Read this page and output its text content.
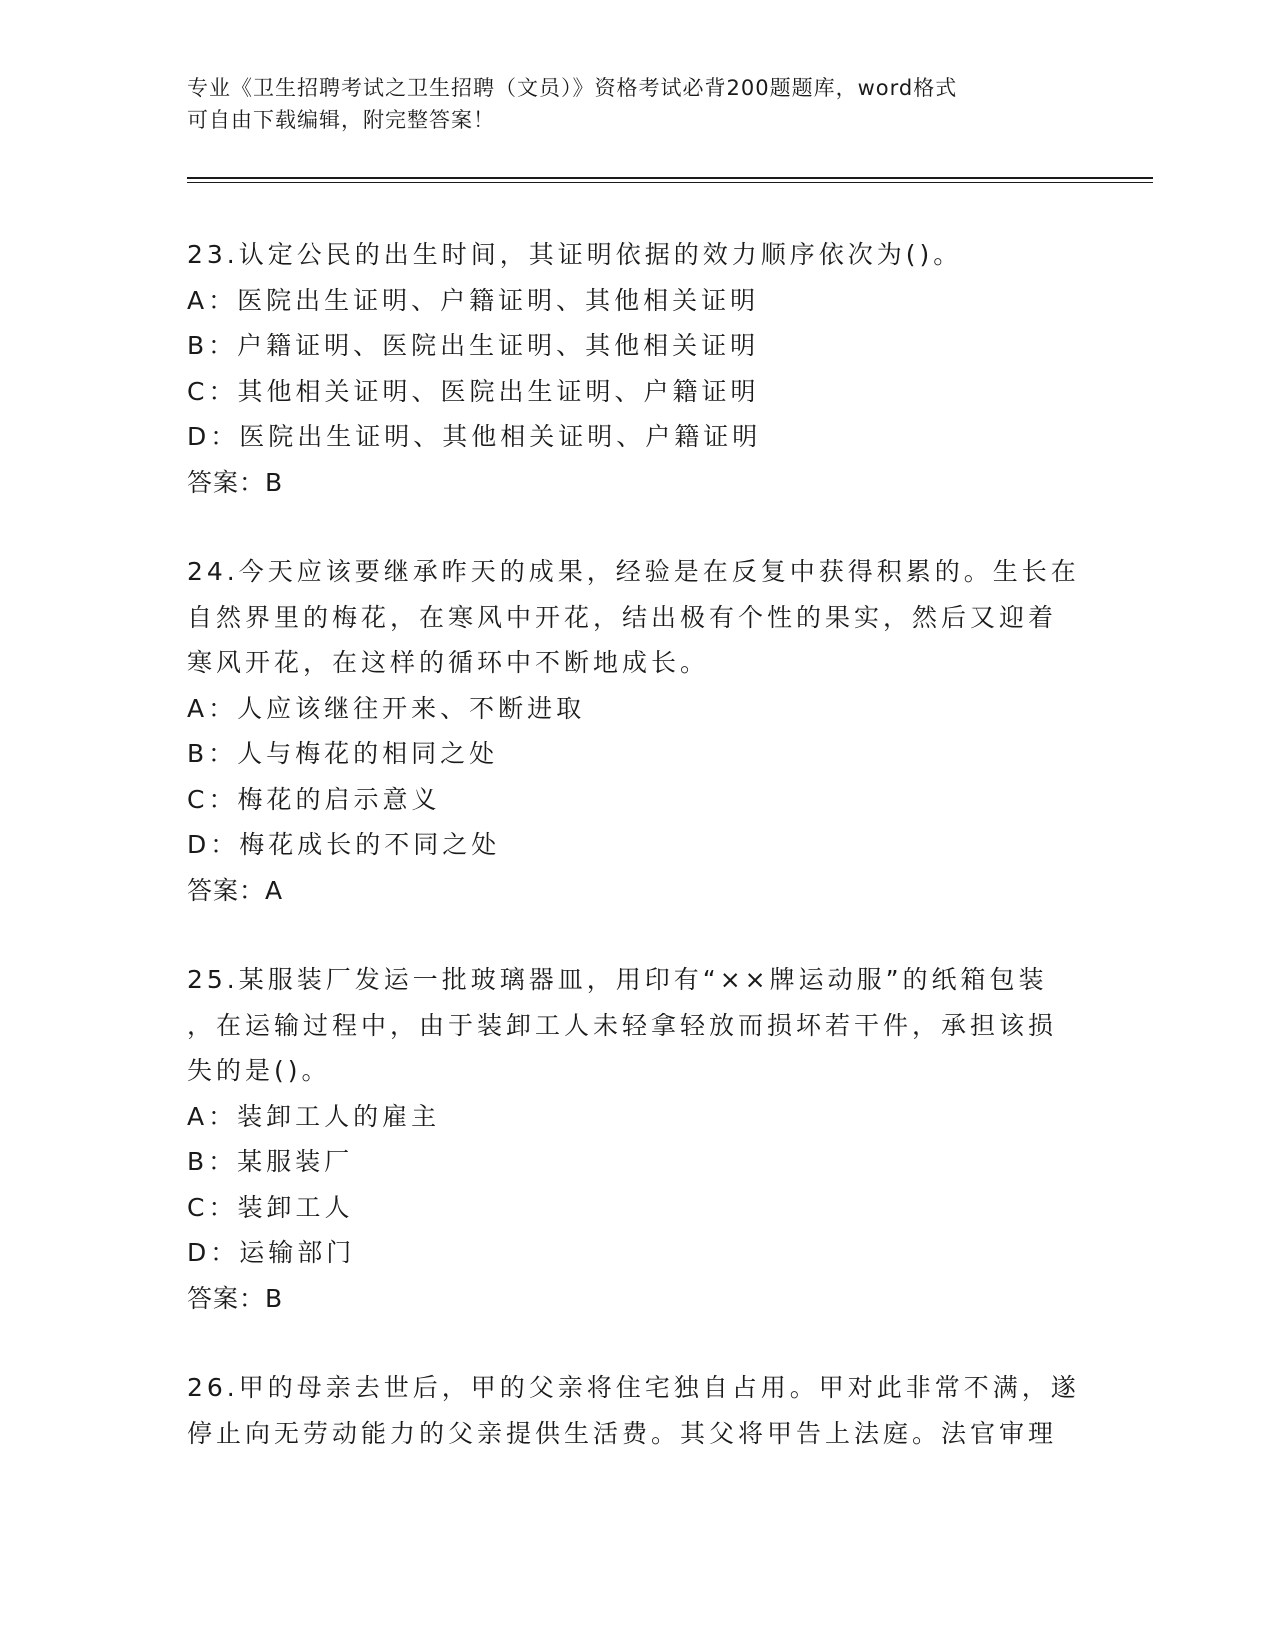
专业《卫生招聘考试之卫生招聘（文员）》资格考试必背200题题库，word格式
可自由下载编辑，附完整答案！
23.认定公民的出生时间，其证明依据的效力顺序依次为()。
A：医院出生证明、户籍证明、其他相关证明
B：户籍证明、医院出生证明、其他相关证明
C：其他相关证明、医院出生证明、户籍证明
D：医院出生证明、其他相关证明、户籍证明
答案：B
24.今天应该要继承昨天的成果，经验是在反复中获得积累的。生长在
自然界里的梅花，在寒风中开花，结出极有个性的果实，然后又迎着
寒风开花，在这样的循环中不断地成长。
A：人应该继往开来、不断进取
B：人与梅花的相同之处
C：梅花的启示意义
D：梅花成长的不同之处
答案：A
25.某服装厂发运一批玻璃器皿，用印有“××牌运动服”的纸箱包装
，在运输过程中，由于装卸工人未轻拿轻放而损坏若干件，承担该损
失的是()。
A：装卸工人的雇主
B：某服装厂
C：装卸工人
D：运输部门
答案：B
26.甲的母亲去世后，甲的父亲将住宅独自占用。甲对此非常不满，遂
停止向无劳动能力的父亲提供生活费。其父将甲告上法庭。法官审理
